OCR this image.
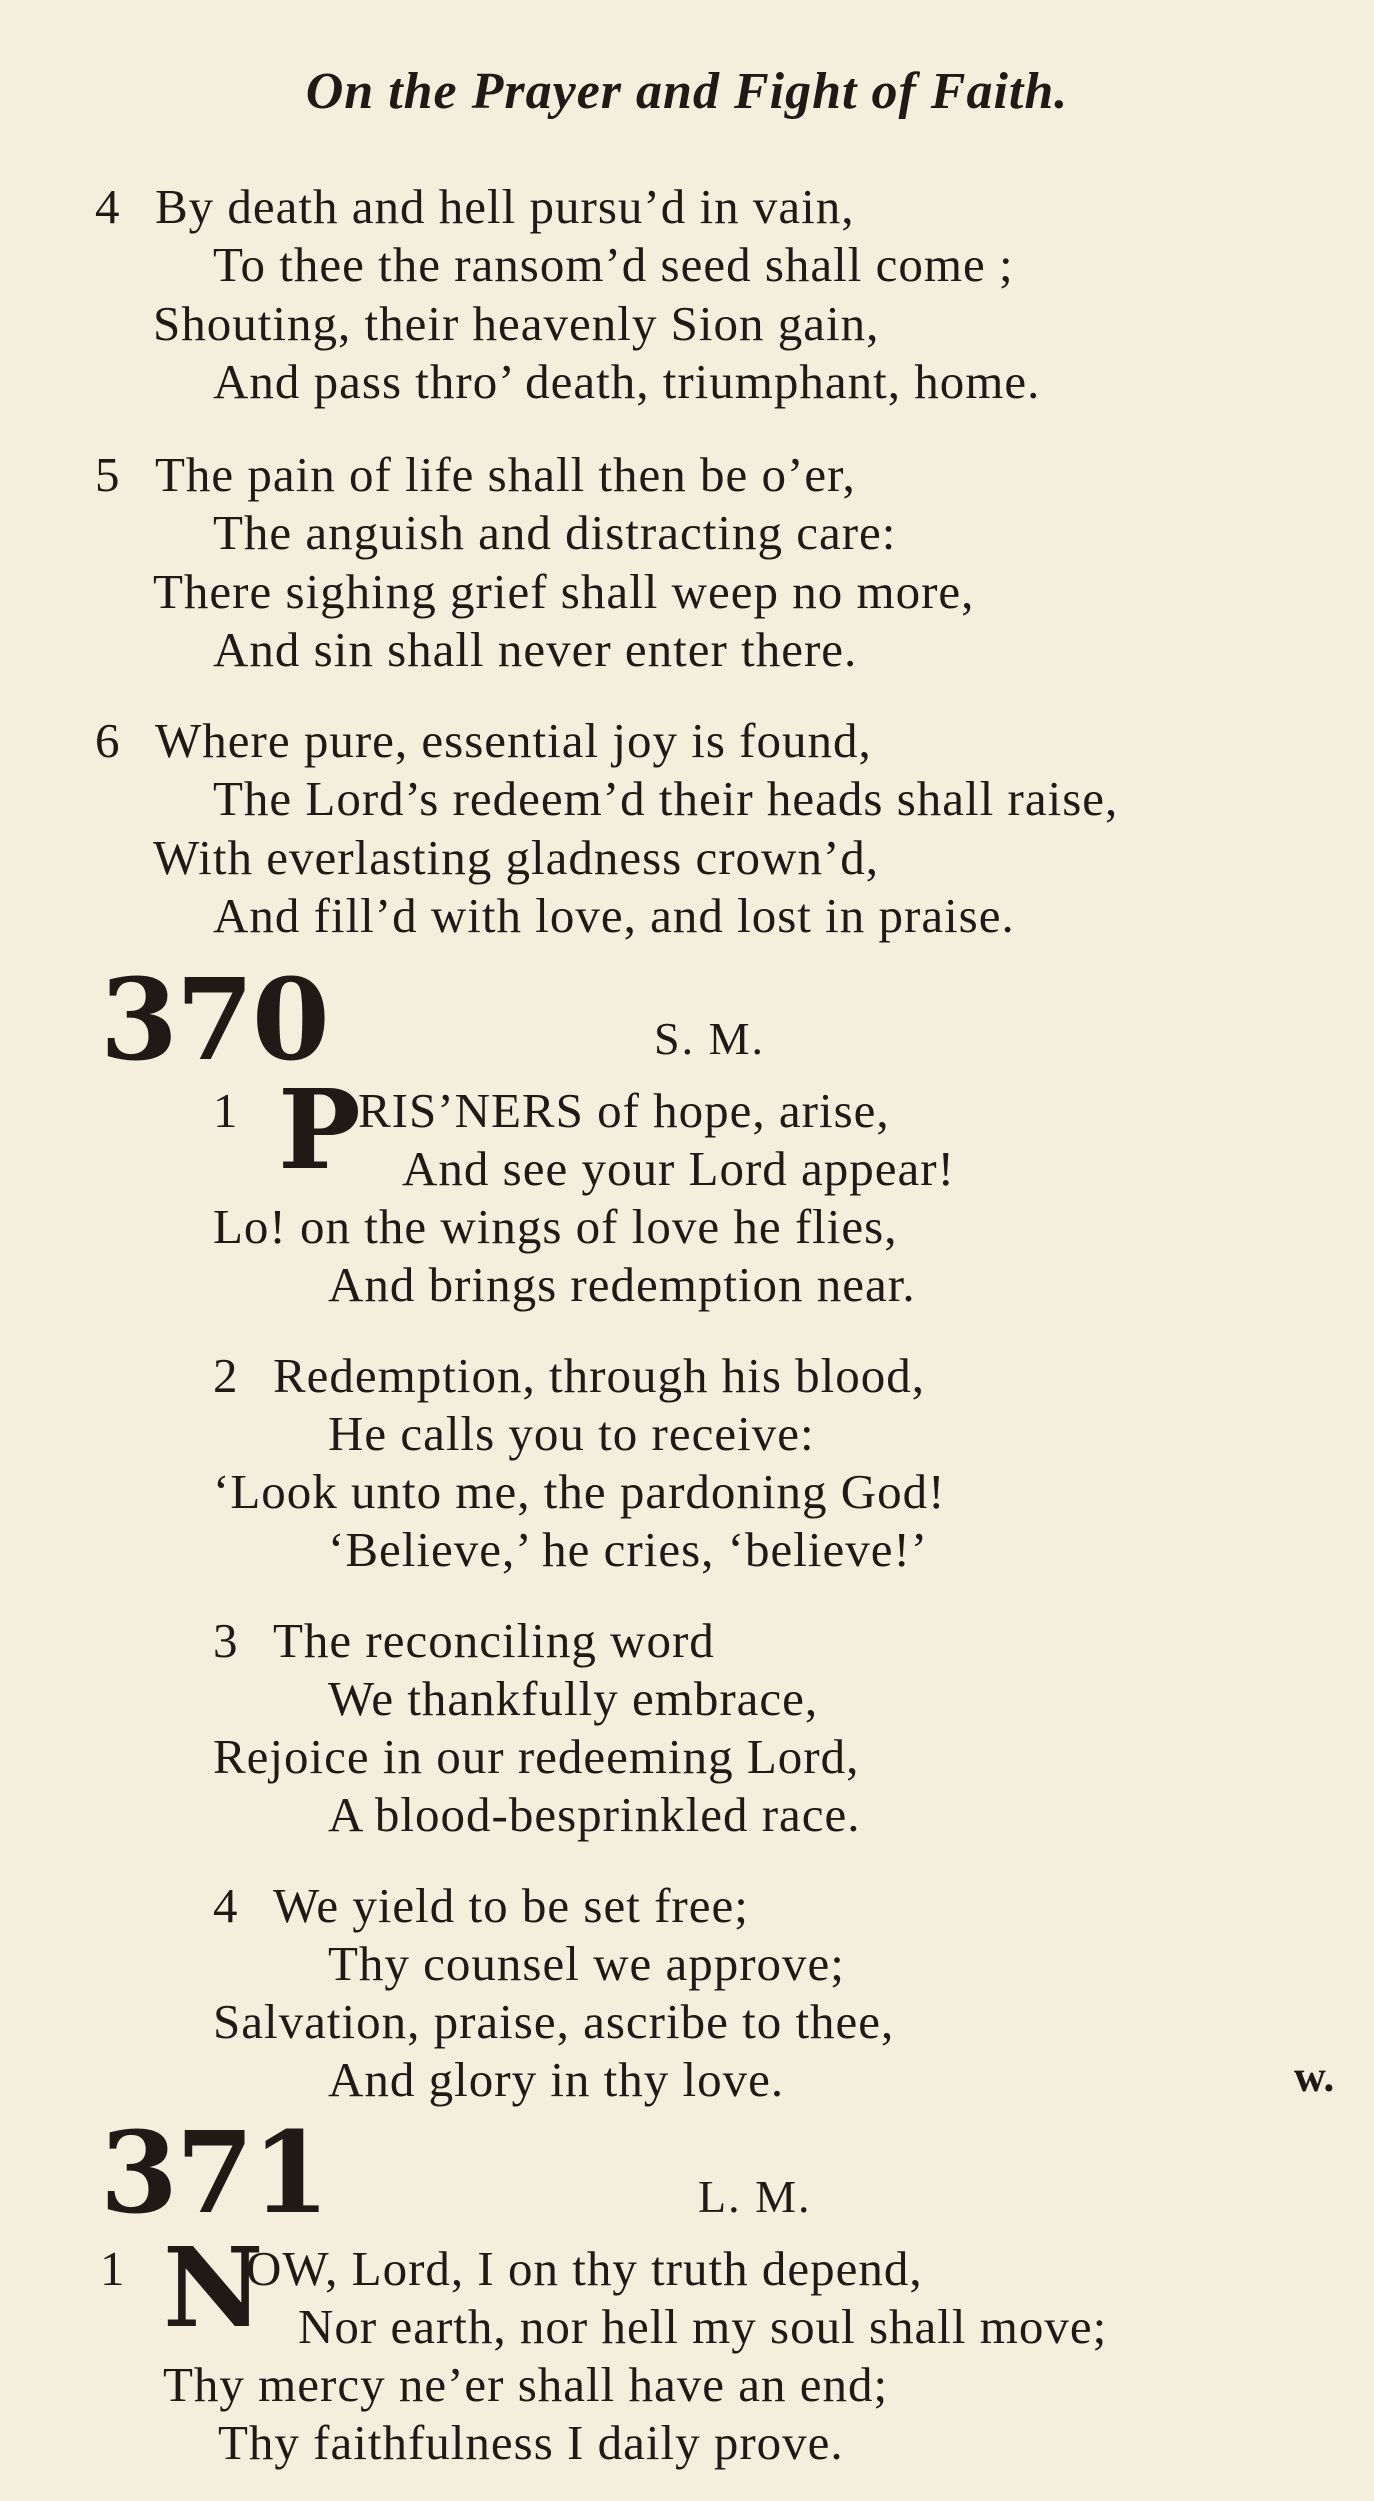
On the Prayer and Fight of Faith.
4 By death and hell pursu’d in vain,
To thee the ransom’d seed shall come ;
Shouting, their heavenly Sion gain,
And pass thro’ death, triumphant, home.
5 The pain of life shall then be o’er,
The anguish and distracting care:
There sighing grief shall weep no more,
And sin shall never enter there.
6 Where pure, essential joy is found,
The Lord’s redeem’d their heads shall raise,
With everlasting gladness crown’d,
And fill’d with love, and lost in praise.
370	S. M.
1 P
RIS’NERS of hope, arise,
And see your Lord appear!
Lo! on the wings of love he flies,
And brings redemption near.
2 Redemption, through his blood,
He calls you to receive:
‘Look unto me, the pardoning God!
‘Believe,’ he cries, ‘believe!’
3 The reconciling word
We thankfully embrace,
Rejoice in our redeeming Lord,
A blood-besprinkled race.
4 We yield to be set free;
Thy counsel we approve;
Salvation, praise, ascribe to thee,
And glory in thy love.	w.
371	L. M.
1 N
OW, Lord, I on thy truth depend,
Nor earth, nor hell my soul shall move;
Thy mercy ne’er shall have an end;
Thy faithfulness I daily prove.
